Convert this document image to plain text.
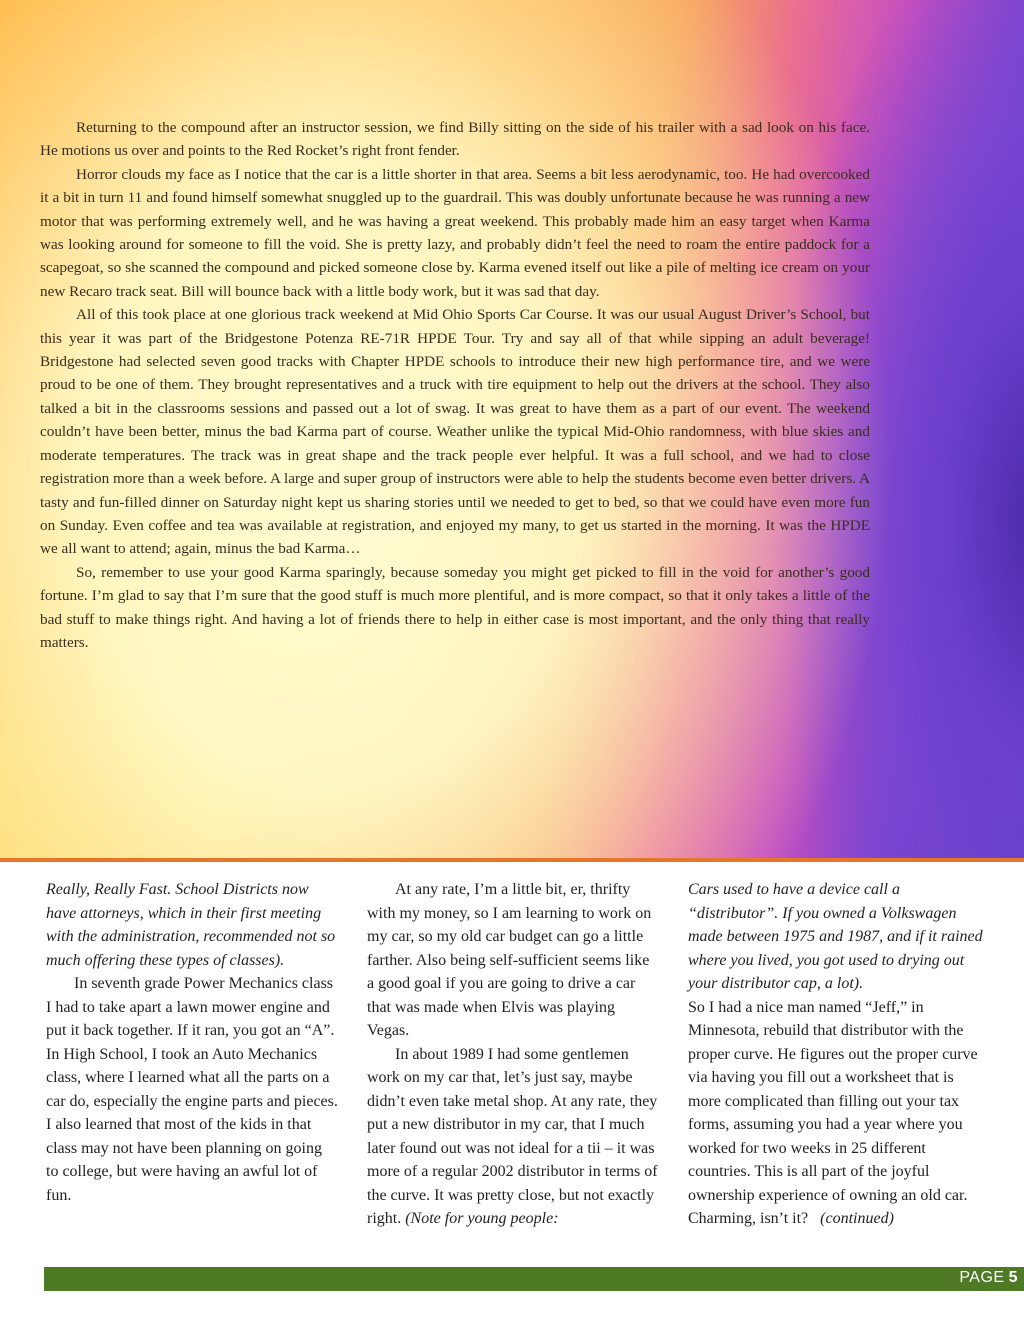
Returning to the compound after an instructor session, we find Billy sitting on the side of his trailer with a sad look on his face. He motions us over and points to the Red Rocket’s right front fender.

Horror clouds my face as I notice that the car is a little shorter in that area. Seems a bit less aerodynamic, too. He had overcooked it a bit in turn 11 and found himself somewhat snuggled up to the guardrail. This was doubly unfortunate because he was running a new motor that was performing extremely well, and he was having a great weekend. This probably made him an easy target when Karma was looking around for someone to fill the void. She is pretty lazy, and probably didn’t feel the need to roam the entire paddock for a scapegoat, so she scanned the compound and picked someone close by. Karma evened itself out like a pile of melting ice cream on your new Recaro track seat. Bill will bounce back with a little body work, but it was sad that day.

All of this took place at one glorious track weekend at Mid Ohio Sports Car Course. It was our usual August Driver’s School, but this year it was part of the Bridgestone Potenza RE-71R HPDE Tour. Try and say all of that while sipping an adult beverage! Bridgestone had selected seven good tracks with Chapter HPDE schools to introduce their new high performance tire, and we were proud to be one of them. They brought representatives and a truck with tire equipment to help out the drivers at the school. They also talked a bit in the classrooms sessions and passed out a lot of swag. It was great to have them as a part of our event. The weekend couldn’t have been better, minus the bad Karma part of course. Weather unlike the typical Mid-Ohio randomness, with blue skies and moderate temperatures. The track was in great shape and the track people ever helpful. It was a full school, and we had to close registration more than a week before. A large and super group of instructors were able to help the students become even better drivers. A tasty and fun-filled dinner on Saturday night kept us sharing stories until we needed to get to bed, so that we could have even more fun on Sunday. Even coffee and tea was available at registration, and enjoyed my many, to get us started in the morning. It was the HPDE we all want to attend; again, minus the bad Karma…

So, remember to use your good Karma sparingly, because someday you might get picked to fill in the void for another’s good fortune. I’m glad to say that I’m sure that the good stuff is much more plentiful, and is more compact, so that it only takes a little of the bad stuff to make things right. And having a lot of friends there to help in either case is most important, and the only thing that really matters.

Really, Really Fast. School Districts now have attorneys, which in their first meeting with the administration, recommended not so much offering these types of classes).

In seventh grade Power Mechanics class I had to take apart a lawn mower engine and put it back together. If it ran, you got an “A”. In High School, I took an Auto Mechanics class, where I learned what all the parts on a car do, especially the engine parts and pieces. I also learned that most of the kids in that class may not have been planning on going to college, but were having an awful lot of fun.

At any rate, I’m a little bit, er, thrifty with my money, so I am learning to work on my car, so my old car budget can go a little farther. Also being self-sufficient seems like a good goal if you are going to drive a car that was made when Elvis was playing Vegas.

In about 1989 I had some gentlemen work on my car that, let’s just say, maybe didn’t even take metal shop. At any rate, they put a new distributor in my car, that I much later found out was not ideal for a tii – it was more of a regular 2002 distributor in terms of the curve. It was pretty close, but not exactly right. (Note for young people:

Cars used to have a device call a “distributor”. If you owned a Volkswagen made between 1975 and 1987, and if it rained where you lived, you got used to drying out your distributor cap, a lot).

So I had a nice man named “Jeff,” in Minnesota, rebuild that distributor with the proper curve. He figures out the proper curve via having you fill out a worksheet that is more complicated than filling out your tax forms, assuming you had a year where you worked for two weeks in 25 different countries. This is all part of the joyful ownership experience of owning an old car. Charming, isn’t it? (continued)

PAGE 5
